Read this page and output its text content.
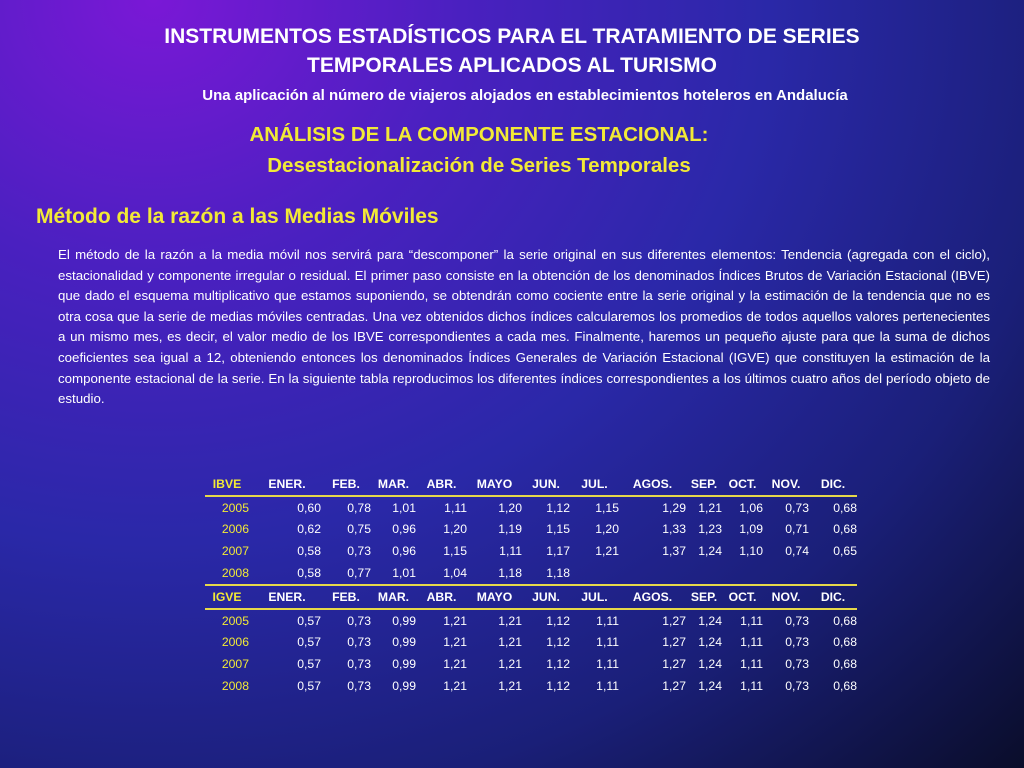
INSTRUMENTOS ESTADÍSTICOS PARA EL TRATAMIENTO DE SERIES
TEMPORALES APLICADOS AL TURISMO
Una aplicación al número de viajeros alojados en establecimientos hoteleros en Andalucía
ANÁLISIS DE LA COMPONENTE ESTACIONAL:
Desestacionalización de Series Temporales
Método de la razón a las Medias Móviles
El método de la razón a la media móvil nos servirá para “descomponer” la serie original en sus diferentes elementos: Tendencia (agregada con el ciclo), estacionalidad y componente irregular o residual. El primer paso consiste en la obtención de los denominados Índices Brutos de Variación Estacional (IBVE) que dado el esquema multiplicativo que estamos suponiendo, se obtendrán como cociente entre la serie original y la estimación de la tendencia que no es otra cosa que la serie de medias móviles centradas. Una vez obtenidos dichos índices calcularemos los promedios de todos aquellos valores pertenecientes a un mismo mes, es decir, el valor medio de los IBVE correspondientes a cada mes. Finalmente, haremos un pequeño ajuste para que la suma de dichos coeficientes sea igual a 12, obteniendo entonces los denominados Índices Generales de Variación Estacional (IGVE) que constituyen la estimación de la componente estacional de la serie. En la siguiente tabla reproducimos los diferentes índices correspondientes a los últimos cuatro años del período objeto de estudio.
IBVE	ENER.	FEB.	MAR.	ABR.	MAYO	JUN.	JUL.	AGOS.	SEP.	OCT.	NOV.	DIC.
2005	0,60	0,78	1,01	1,11	1,20	1,12	1,15	1,29	1,21	1,06	0,73	0,68
2006	0,62	0,75	0,96	1,20	1,19	1,15	1,20	1,33	1,23	1,09	0,71	0,68
2007	0,58	0,73	0,96	1,15	1,11	1,17	1,21	1,37	1,24	1,10	0,74	0,65
2008	0,58	0,77	1,01	1,04	1,18	1,18						
IGVE	ENER.	FEB.	MAR.	ABR.	MAYO	JUN.	JUL.	AGOS.	SEP.	OCT.	NOV.	DIC.
2005	0,57	0,73	0,99	1,21	1,21	1,12	1,11	1,27	1,24	1,11	0,73	0,68
2006	0,57	0,73	0,99	1,21	1,21	1,12	1,11	1,27	1,24	1,11	0,73	0,68
2007	0,57	0,73	0,99	1,21	1,21	1,12	1,11	1,27	1,24	1,11	0,73	0,68
2008	0,57	0,73	0,99	1,21	1,21	1,12	1,11	1,27	1,24	1,11	0,73	0,68
